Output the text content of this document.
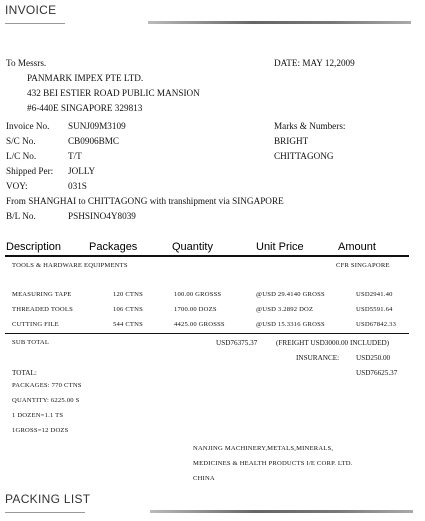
INVOICE
To Messrs.	DATE: MAY 12,2009
PANMARK IMPEX PTE LTD.
432 BEI ESTIER ROAD PUBLIC MANSION
#6-440E SINGAPORE 329813
Invoice No. SUNJ09M3109
S/C No.	CB0906BMC
L/C No.	T/T
Shipped Per: JOLLY
VOY:	031S
Marks & Numbers:
BRIGHT
CHITTAGONG
From SHANGHAI to CHITTAGONG with transhipment via SINGAPORE
B/L No.	PSHSINO4Y8039
Description	Packages	Quantity	Unit Price	Amount
TOOLS & HARDWARE EQUIPMENTS	CFR SINGAPORE
MEASURING TAPE	120 CTNS	100.00 GROSSS	@USD 29.4140 GROSS	USD2941.40
THREADED TOOLS	106 CTNS	1700.00 DOZS	@USD 3.2892 DOZ	USD5591.64
CUTTING FILE	544 CTNS	4425.00 GROSSS	@USD 15.3316 GROSS	USD67842.33
SUB TOTAL	USD76375.37	(FREIGHT USD3000.00 INCLUDED)
INSURANCE: USD250.00
TOTAL:	USD76625.37
PACKAGES: 770 CTNS
QUANTITY: 6225.00 S
1 DOZEN=1.1 TS
1GROSS=12 DOZS
NANJING MACHINERY,METALS,MINERALS,
MEDICINES & HEALTH PRODUCTS I/E CORP. LTD.
CHINA
PACKING LIST
